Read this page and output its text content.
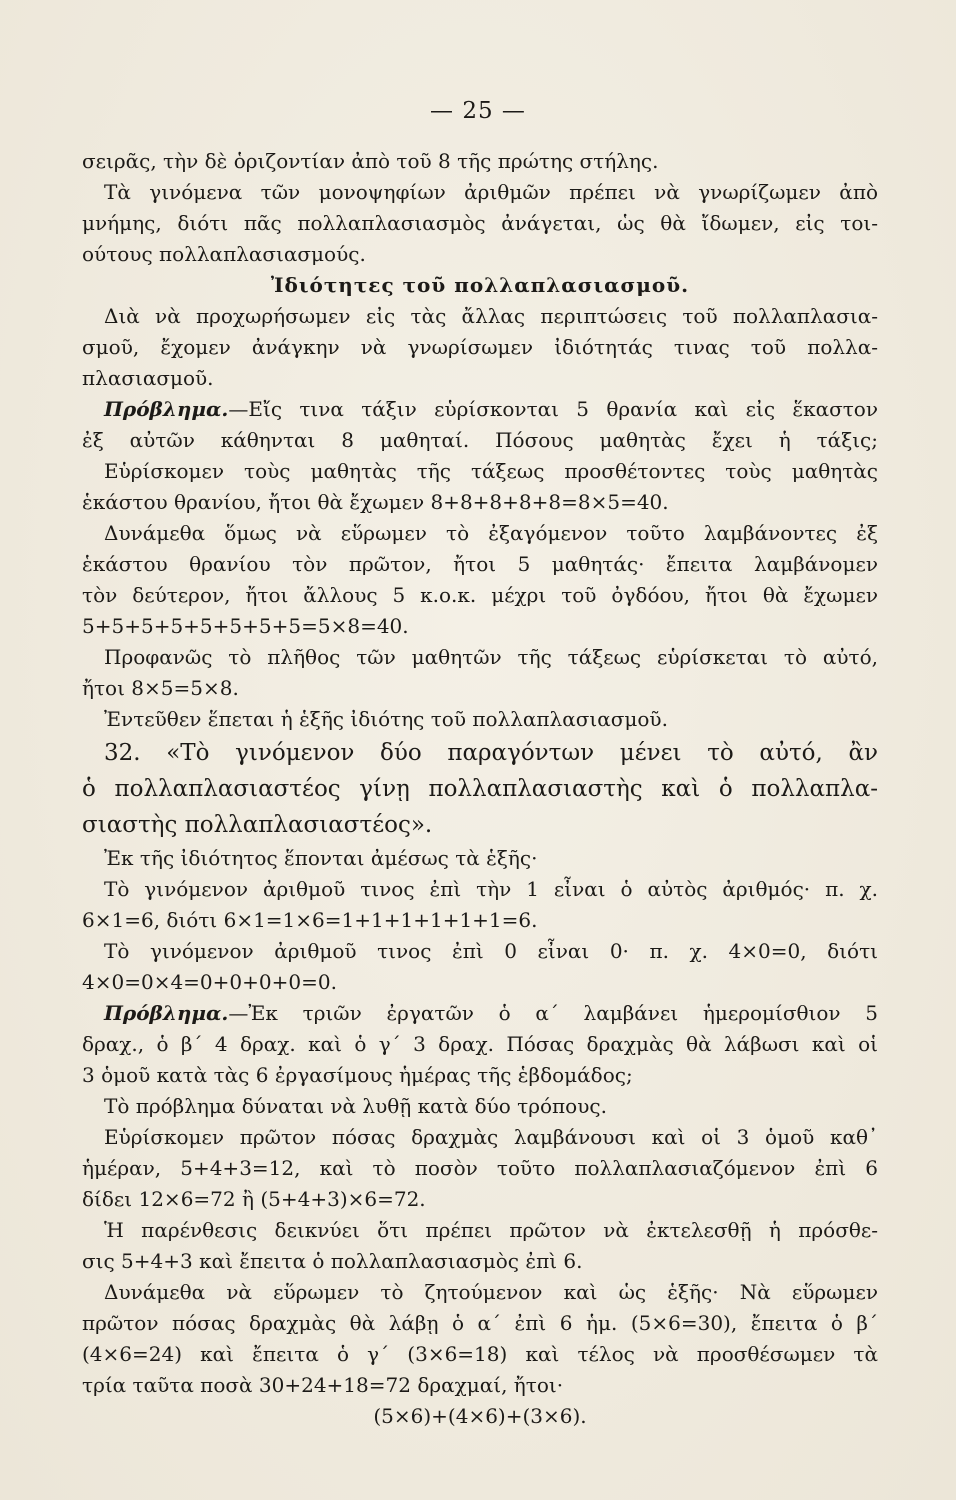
— 25 —
σειρᾶς, τὴν δὲ ὁριζοντίαν ἀπὸ τοῦ 8 τῆς πρώτης στήλης.
Τὰ γινόμενα τῶν μονοψηφίων ἀριθμῶν πρέπει νὰ γνωρίζωμεν ἀπὸ
μνήμης, διότι πᾶς πολλαπλασιασμὸς ἀνάγεται, ὡς θὰ ἴδωμεν, εἰς τοι-
ούτους πολλαπλασιασμούς.
Ἰδιότητες τοῦ πολλαπλασιασμοῦ.
Διὰ νὰ προχωρήσωμεν εἰς τὰς ἄλλας περιπτώσεις τοῦ πολλαπλασια-
σμοῦ, ἔχομεν ἀνάγκην νὰ γνωρίσωμεν ἰδιότητάς τινας τοῦ πολλα-
πλασιασμοῦ.
Πρόβλημα.—Εἴς τινα τάξιν εὑρίσκονται 5 θρανία καὶ εἰς ἕκαστον
ἐξ αὐτῶν κάθηνται 8 μαθηταί. Πόσους μαθητὰς ἔχει ἡ τάξις;
Εὑρίσκομεν τοὺς μαθητὰς τῆς τάξεως προσθέτοντες τοὺς μαθητὰς
ἑκάστου θρανίου, ἤτοι θὰ ἔχωμεν 8+8+8+8+8=8×5=40.
Δυνάμεθα ὅμως νὰ εὕρωμεν τὸ ἐξαγόμενον τοῦτο λαμβάνοντες ἐξ
ἑκάστου θρανίου τὸν πρῶτον, ἤτοι 5 μαθητάς· ἔπειτα λαμβάνομεν
τὸν δεύτερον, ἤτοι ἄλλους 5 κ.ο.κ. μέχρι τοῦ ὀγδόου, ἤτοι θὰ ἔχωμεν
5+5+5+5+5+5+5+5=5×8=40.
Προφανῶς τὸ πλῆθος τῶν μαθητῶν τῆς τάξεως εὑρίσκεται τὸ αὐτό,
ἤτοι 8×5=5×8.
Ἐντεῦθεν ἕπεται ἡ ἑξῆς ἰδιότης τοῦ πολλαπλασιασμοῦ.
32. «Τὸ γινόμενον δύο παραγόντων μένει τὸ αὐτό, ἂν
ὁ πολλαπλασιαστέος γίνῃ πολλαπλασιαστὴς καὶ ὁ πολλαπλα-
σιαστὴς πολλαπλασιαστέος».
Ἐκ τῆς ἰδιότητος ἕπονται ἀμέσως τὰ ἑξῆς·
Τὸ γινόμενον ἀριθμοῦ τινος ἐπὶ τὴν 1 εἶναι ὁ αὐτὸς ἀριθμός· π. χ.
6×1=6, διότι 6×1=1×6=1+1+1+1+1+1=6.
Τὸ γινόμενον ἀριθμοῦ τινος ἐπὶ 0 εἶναι 0· π. χ. 4×0=0, διότι
4×0=0×4=0+0+0+0=0.
Πρόβλημα.—Ἐκ τριῶν ἐργατῶν ὁ α΄ λαμβάνει ἡμερομίσθιον 5
δραχ., ὁ β΄ 4 δραχ. καὶ ὁ γ΄ 3 δραχ. Πόσας δραχμὰς θὰ λάβωσι καὶ οἱ
3 ὁμοῦ κατὰ τὰς 6 ἐργασίμους ἡμέρας τῆς ἑβδομάδος;
Τὸ πρόβλημα δύναται νὰ λυθῇ κατὰ δύο τρόπους.
Εὑρίσκομεν πρῶτον πόσας δραχμὰς λαμβάνουσι καὶ οἱ 3 ὁμοῦ καθ᾽
ἡμέραν, 5+4+3=12, καὶ τὸ ποσὸν τοῦτο πολλαπλασιαζόμενον ἐπὶ 6
δίδει 12×6=72 ἢ (5+4+3)×6=72.
Ἡ παρένθεσις δεικνύει ὅτι πρέπει πρῶτον νὰ ἐκτελεσθῇ ἡ πρόσθε-
σις 5+4+3 καὶ ἔπειτα ὁ πολλαπλασιασμὸς ἐπὶ 6.
Δυνάμεθα νὰ εὕρωμεν τὸ ζητούμενον καὶ ὡς ἑξῆς· Νὰ εὕρωμεν
πρῶτον πόσας δραχμὰς θὰ λάβῃ ὁ α΄ ἐπὶ 6 ἡμ. (5×6=30), ἔπειτα ὁ β΄
(4×6=24) καὶ ἔπειτα ὁ γ΄ (3×6=18) καὶ τέλος νὰ προσθέσωμεν τὰ
τρία ταῦτα ποσὰ 30+24+18=72 δραχμαί, ἤτοι·
(5×6)+(4×6)+(3×6).
